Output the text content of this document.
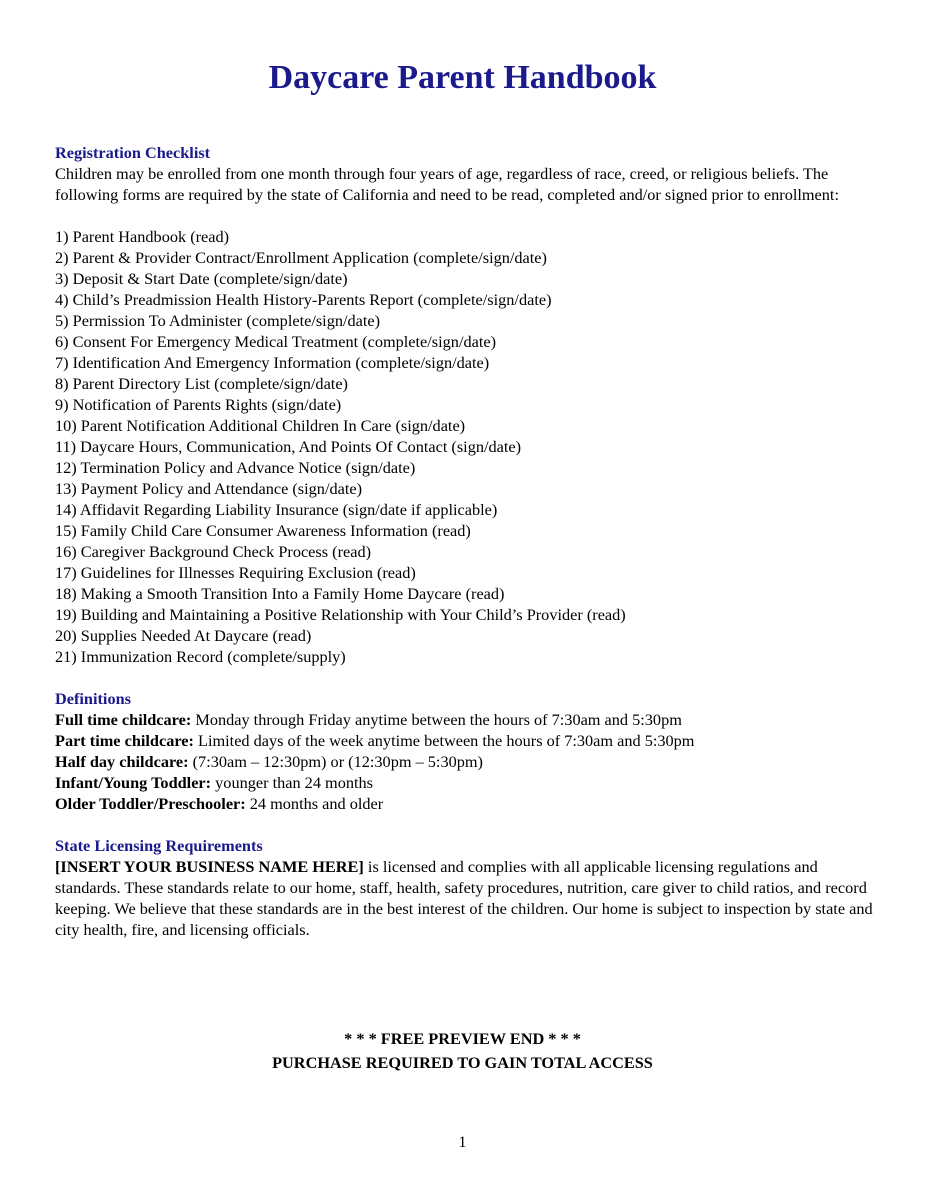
Daycare Parent Handbook

Registration Checklist

Children may be enrolled from one month through four years of age, regardless of race, creed, or religious beliefs. The following forms are required by the state of California and need to be read, completed and/or signed prior to enrollment:

1) Parent Handbook (read)
2) Parent & Provider Contract/Enrollment Application (complete/sign/date)
3) Deposit & Start Date (complete/sign/date)
4) Child’s Preadmission Health History-Parents Report (complete/sign/date)
5) Permission To Administer (complete/sign/date)
6) Consent For Emergency Medical Treatment (complete/sign/date)
7) Identification And Emergency Information (complete/sign/date)
8) Parent Directory List (complete/sign/date)
9) Notification of Parents Rights (sign/date)
10) Parent Notification Additional Children In Care (sign/date)
11) Daycare Hours, Communication, And Points Of Contact (sign/date)
12) Termination Policy and Advance Notice (sign/date)
13) Payment Policy and Attendance (sign/date)
14) Affidavit Regarding Liability Insurance (sign/date if applicable)
15) Family Child Care Consumer Awareness Information (read)
16) Caregiver Background Check Process (read)
17) Guidelines for Illnesses Requiring Exclusion (read)
18) Making a Smooth Transition Into a Family Home Daycare (read)
19) Building and Maintaining a Positive Relationship with Your Child’s Provider (read)
20) Supplies Needed At Daycare (read)
21) Immunization Record (complete/supply)

Definitions

Full time childcare: Monday through Friday anytime between the hours of 7:30am and 5:30pm
Part time childcare: Limited days of the week anytime between the hours of 7:30am and 5:30pm
Half day childcare: (7:30am – 12:30pm) or (12:30pm – 5:30pm)
Infant/Young Toddler: younger than 24 months
Older Toddler/Preschooler: 24 months and older

State Licensing Requirements

[INSERT YOUR BUSINESS NAME HERE] is licensed and complies with all applicable licensing regulations and standards. These standards relate to our home, staff, health, safety procedures, nutrition, care giver to child ratios, and record keeping. We believe that these standards are in the best interest of the children. Our home is subject to inspection by state and city health, fire, and licensing officials.

* * * FREE PREVIEW END * * *
PURCHASE REQUIRED TO GAIN TOTAL ACCESS
1
